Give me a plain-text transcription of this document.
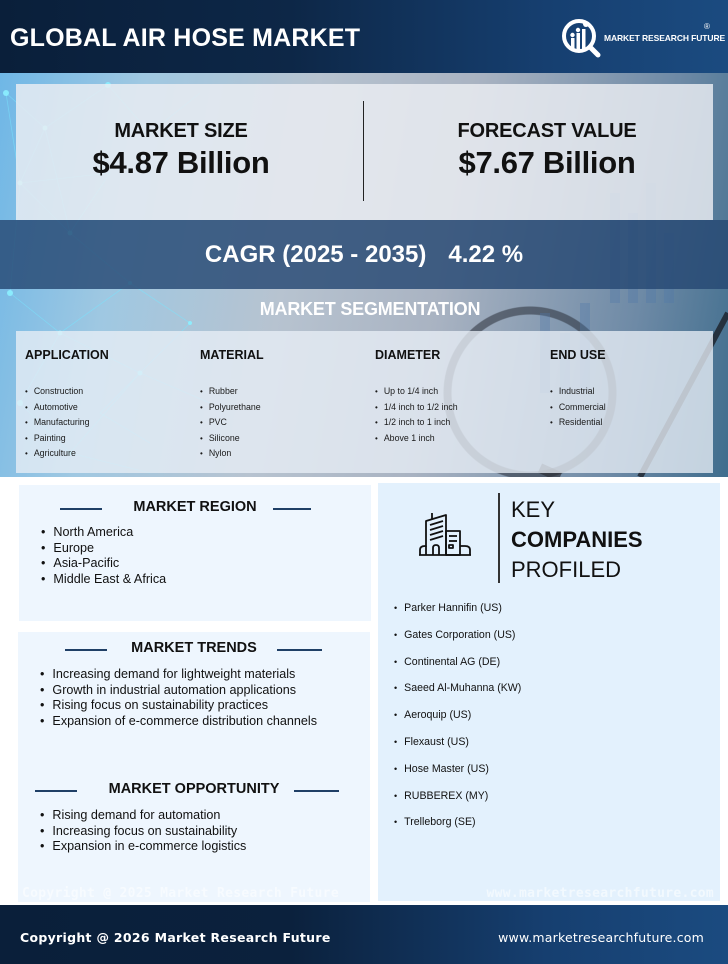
GLOBAL AIR HOSE MARKET	MARKET RESEARCH FUTURE
®
MARKET SIZE
$4.87 Billion
FORECAST VALUE
$7.67 Billion
CAGR (2025 - 2035) 4.22 %
MARKET SEGMENTATION
APPLICATION
• Construction
• Automotive
• Manufacturing
• Painting
• Agriculture
MATERIAL
• Rubber
• Polyurethane
• PVC
• Silicone
• Nylon
DIAMETER
• Up to 1/4 inch
• 1/4 inch to 1/2 inch
• 1/2 inch to 1 inch
• Above 1 inch
END USE
• Industrial
• Commercial
• Residential
MARKET REGION
• North America
• Europe
• Asia-Pacific
• Middle East & Africa
MARKET TRENDS
• Increasing demand for lightweight materials
• Growth in industrial automation applications
• Rising focus on sustainability practices
• Expansion of e-commerce distribution channels
MARKET OPPORTUNITY
• Rising demand for automation
• Increasing focus on sustainability
• Expansion in e-commerce logistics
Copyright @ 2025 Market Research Future
KEY
COMPANIES
PROFILED
• Parker Hannifin (US)
• Gates Corporation (US)
• Continental AG (DE)
• Saeed Al-Muhanna (KW)
• Aeroquip (US)
• Flexaust (US)
• Hose Master (US)
• RUBBEREX (MY)
• Trelleborg (SE)
www.marketresearchfuture.com
Copyright @ 2026 Market Research Future	www.marketresearchfuture.com
